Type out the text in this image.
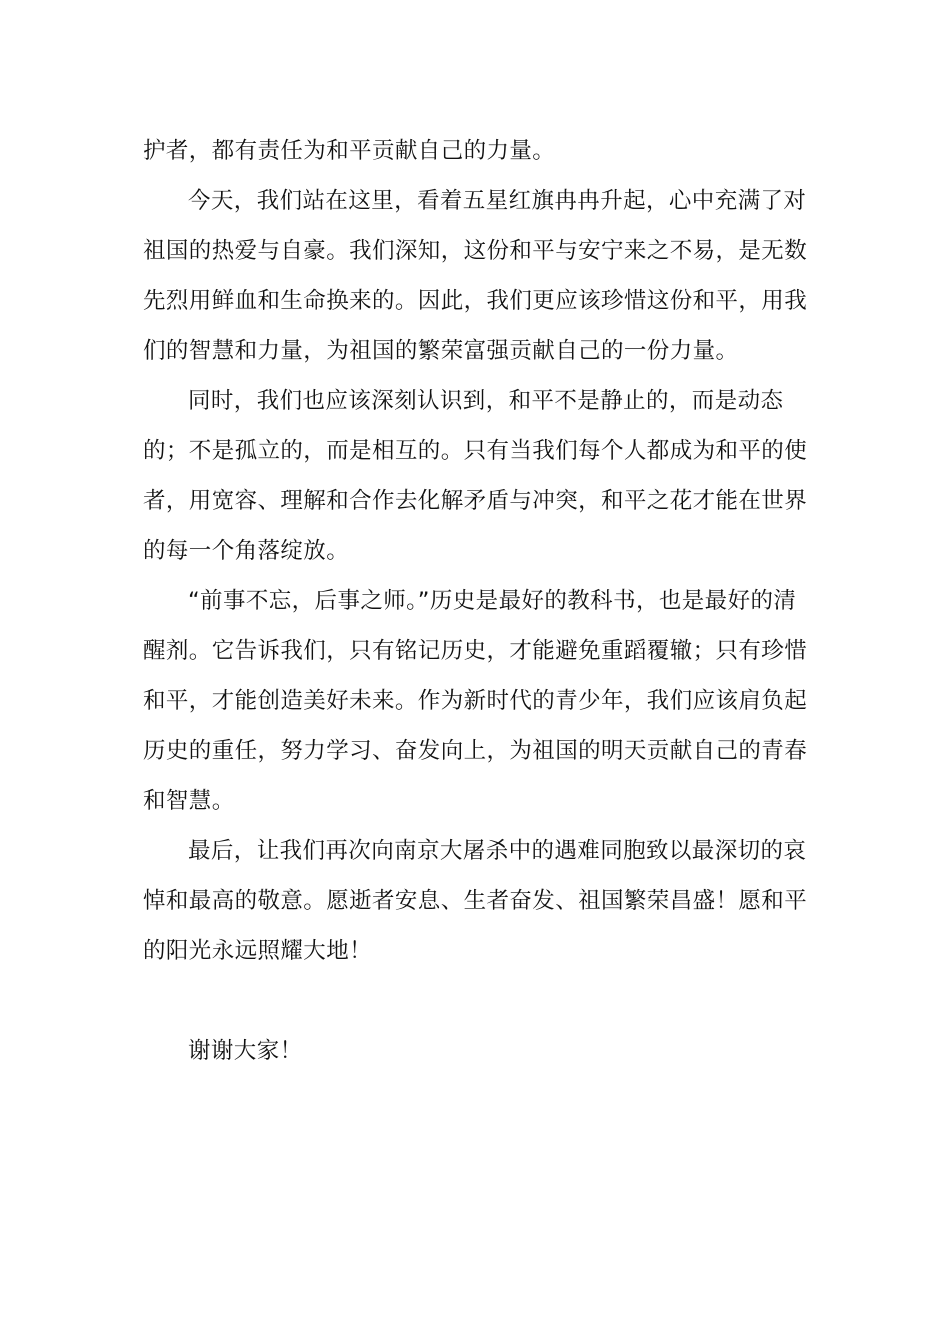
护者，都有责任为和平贡献自己的力量。
今天，我们站在这里，看着五星红旗冉冉升起，心中充满了对
祖国的热爱与自豪。我们深知，这份和平与安宁来之不易，是无数
先烈用鲜血和生命换来的。因此，我们更应该珍惜这份和平，用我
们的智慧和力量，为祖国的繁荣富强贡献自己的一份力量。
同时，我们也应该深刻认识到，和平不是静止的，而是动态
的；不是孤立的，而是相互的。只有当我们每个人都成为和平的使
者，用宽容、理解和合作去化解矛盾与冲突，和平之花才能在世界
的每一个角落绽放。
“前事不忘，后事之师。”历史是最好的教科书，也是最好的清
醒剂。它告诉我们，只有铭记历史，才能避免重蹈覆辙；只有珍惜
和平，才能创造美好未来。作为新时代的青少年，我们应该肩负起
历史的重任，努力学习、奋发向上，为祖国的明天贡献自己的青春
和智慧。
最后，让我们再次向南京大屠杀中的遇难同胞致以最深切的哀
悼和最高的敬意。愿逝者安息、生者奋发、祖国繁荣昌盛！愿和平
的阳光永远照耀大地！
谢谢大家！
